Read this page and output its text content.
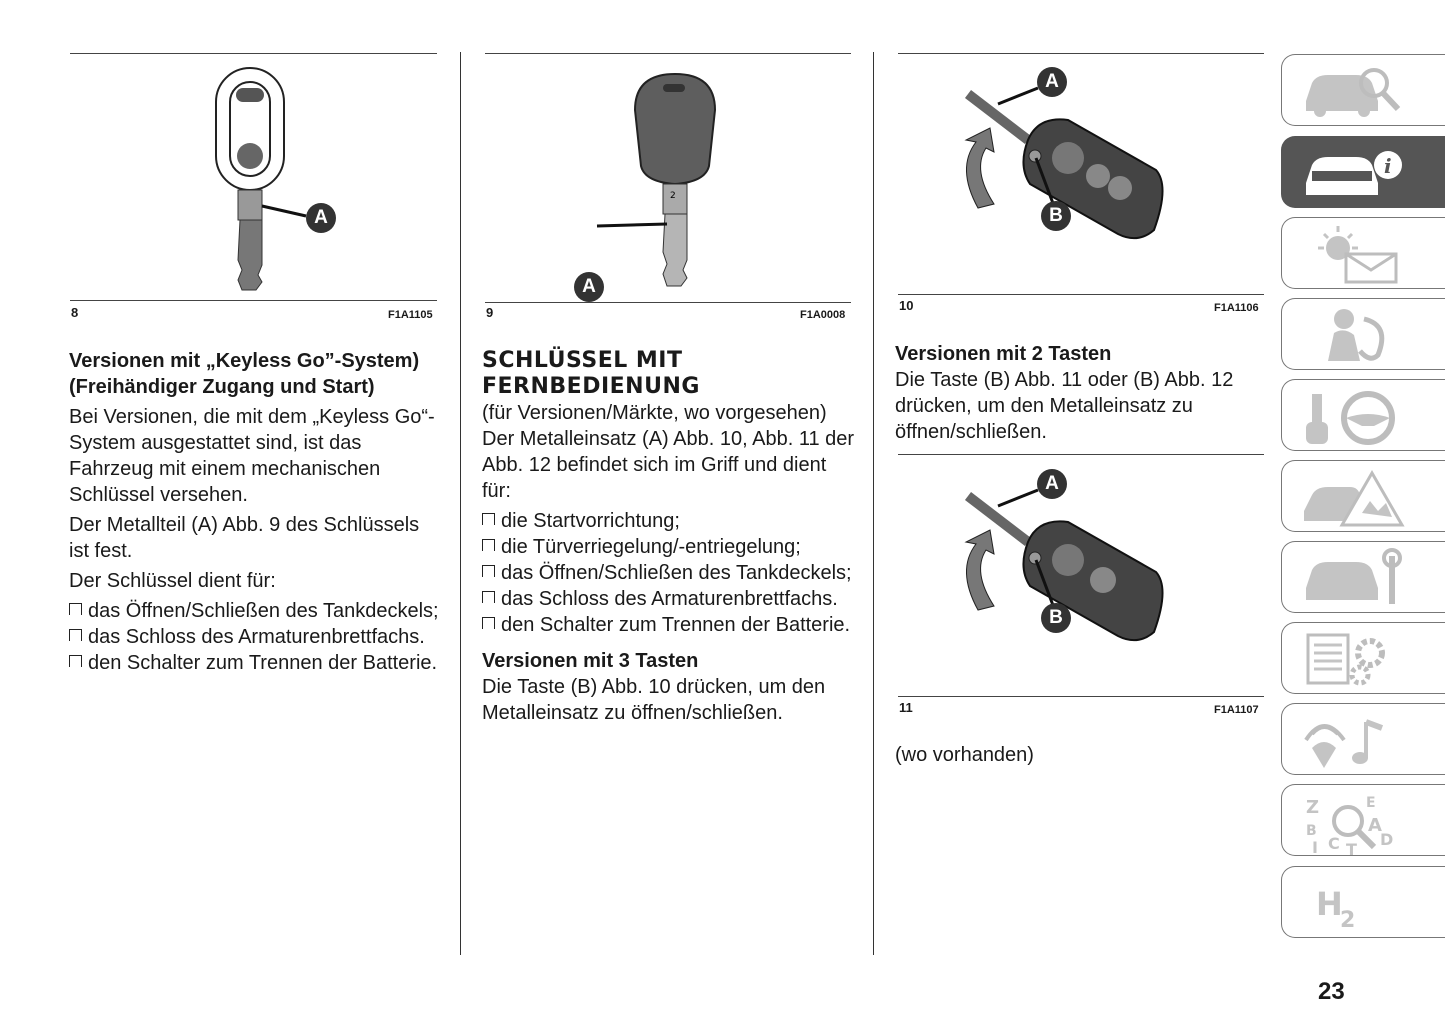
A
8	F1A1105

Versionen mit „Keyless Go”-System) (Freihändiger Zugang und Start)

Bei Versionen, die mit dem „Keyless Go“-System ausgestattet sind, ist das Fahrzeug mit einem mechanischen Schlüssel versehen.

Der Metallteil (A) Abb. 9 des Schlüssels ist fest.

Der Schlüssel dient für:

das Öffnen/Schließen des Tankdeckels;

das Schloss des Armaturenbrettfachs.

den Schalter zum Trennen der Batterie.

2
A
9	F1A0008

SCHLÜSSEL MIT FERNBEDIENUNG

(für Versionen/Märkte, wo vorgesehen)

Der Metalleinsatz (A) Abb. 10, Abb. 11 der Abb. 12 befindet sich im Griff und dient für:

die Startvorrichtung;

die Türverriegelung/-entriegelung;

das Öffnen/Schließen des Tankdeckels;

das Schloss des Armaturenbrettfachs.

den Schalter zum Trennen der Batterie.

Versionen mit 3 Tasten

Die Taste (B) Abb. 10 drücken, um den Metalleinsatz zu öffnen/schließen.

A
B
10	F1A1106

Versionen mit 2 Tasten

Die Taste (B) Abb. 11 oder (B) Abb. 12 drücken, um den Metalleinsatz zu öffnen/schließen.

A
B
11	F1A1107

(wo vorhanden)

i
Z	E
B	A
I C T
D
H
2
23
